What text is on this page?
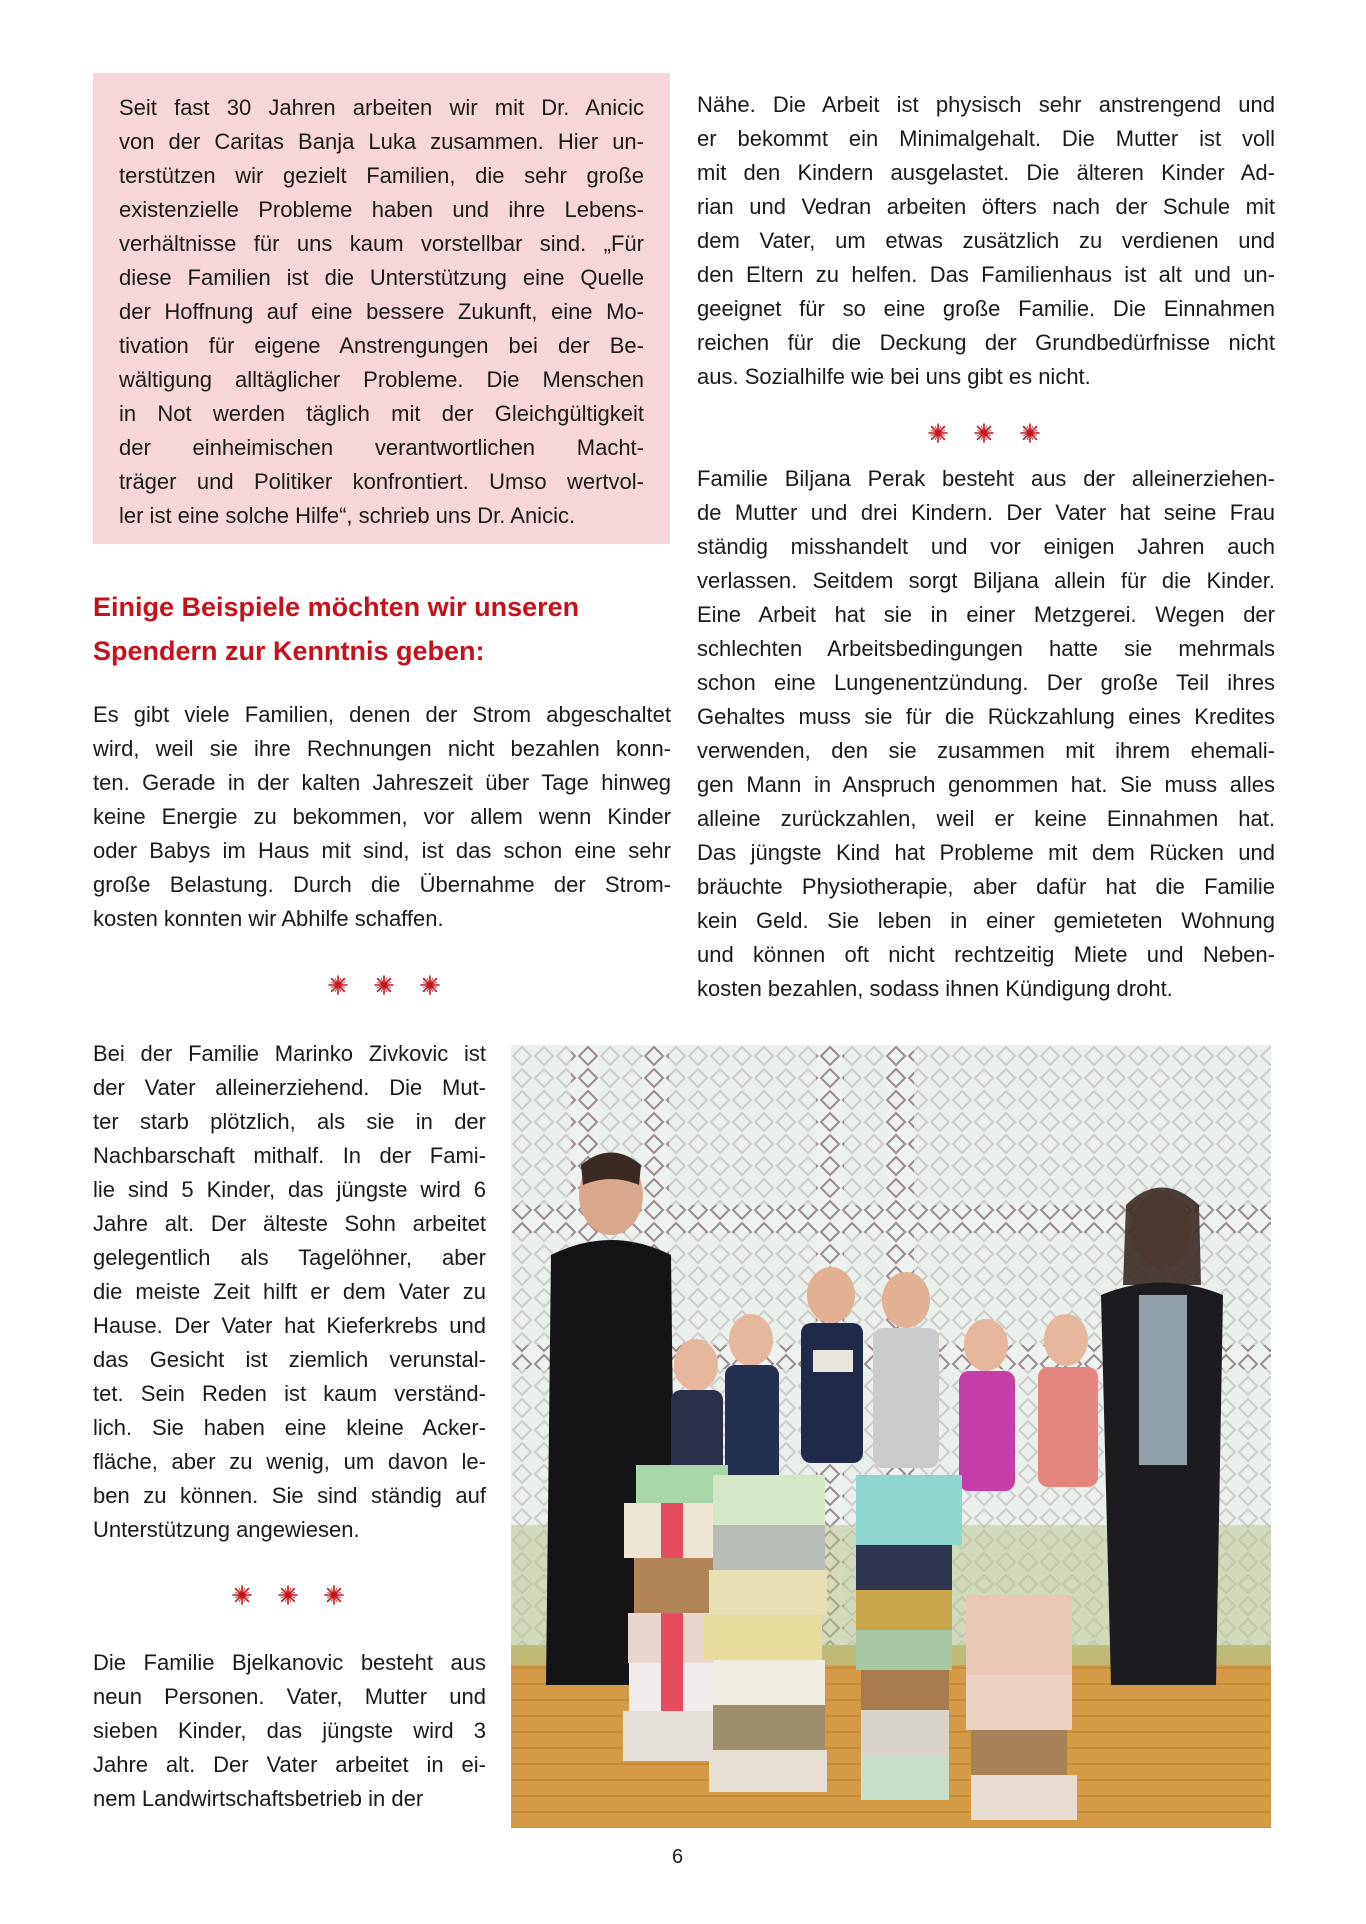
Seit fast 30 Jahren arbeiten wir mit Dr. Anicic
von der Caritas Banja Luka zusammen. Hier un-
terstützen wir gezielt Familien, die sehr große
existenzielle Probleme haben und ihre Lebens-
verhältnisse für uns kaum vorstellbar sind. „Für
diese Familien ist die Unterstützung eine Quelle
der Hoffnung auf eine bessere Zukunft, eine Mo-
tivation für eigene Anstrengungen bei der Be-
wältigung alltäglicher Probleme. Die Menschen
in Not werden täglich mit der Gleichgültigkeit
der einheimischen verantwortlichen Macht-
träger und Politiker konfrontiert. Umso wertvol-
ler ist eine solche Hilfe“, schrieb uns Dr. Anicic.

Einige Beispiele möchten wir unseren
Spendern zur Kenntnis geben:

Es gibt viele Familien, denen der Strom abgeschaltet
wird, weil sie ihre Rechnungen nicht bezahlen konn-
ten. Gerade in der kalten Jahreszeit über Tage hinweg
keine Energie zu bekommen, vor allem wenn Kinder
oder Babys im Haus mit sind, ist das schon eine sehr
große Belastung. Durch die Übernahme der Strom-
kosten konnten wir Abhilfe schaffen.

Bei der Familie Marinko Zivkovic ist
der Vater alleinerziehend. Die Mut-
ter starb plötzlich, als sie in der
Nachbarschaft mithalf. In der Fami-
lie sind 5 Kinder, das jüngste wird 6
Jahre alt. Der älteste Sohn arbeitet
gelegentlich als Tagelöhner, aber
die meiste Zeit hilft er dem Vater zu
Hause. Der Vater hat Kieferkrebs und
das Gesicht ist ziemlich verunstal-
tet. Sein Reden ist kaum verständ-
lich. Sie haben eine kleine Acker-
fläche, aber zu wenig, um davon le-
ben zu können. Sie sind ständig auf
Unterstützung angewiesen.

Die Familie Bjelkanovic besteht aus
neun Personen. Vater, Mutter und
sieben Kinder, das jüngste wird 3
Jahre alt. Der Vater arbeitet in ei-
nem Landwirtschaftsbetrieb in der

Nähe. Die Arbeit ist physisch sehr anstrengend und
er bekommt ein Minimalgehalt. Die Mutter ist voll
mit den Kindern ausgelastet. Die älteren Kinder Ad-
rian und Vedran arbeiten öfters nach der Schule mit
dem Vater, um etwas zusätzlich zu verdienen und
den Eltern zu helfen. Das Familienhaus ist alt und un-
geeignet für so eine große Familie. Die Einnahmen
reichen für die Deckung der Grundbedürfnisse nicht
aus. Sozialhilfe wie bei uns gibt es nicht.

Familie Biljana Perak besteht aus der alleinerziehen-
de Mutter und drei Kindern. Der Vater hat seine Frau
ständig misshandelt und vor einigen Jahren auch
verlassen. Seitdem sorgt Biljana allein für die Kinder.
Eine Arbeit hat sie in einer Metzgerei. Wegen der
schlechten Arbeitsbedingungen hatte sie mehrmals
schon eine Lungenentzündung. Der große Teil ihres
Gehaltes muss sie für die Rückzahlung eines Kredites
verwenden, den sie zusammen mit ihrem ehemali-
gen Mann in Anspruch genommen hat. Sie muss alles
alleine zurückzahlen, weil er keine Einnahmen hat.
Das jüngste Kind hat Probleme mit dem Rücken und
bräuchte Physiotherapie, aber dafür hat die Familie
kein Geld. Sie leben in einer gemieteten Wohnung
und können oft nicht rechtzeitig Miete und Neben-
kosten bezahlen, sodass ihnen Kündigung droht.

6
